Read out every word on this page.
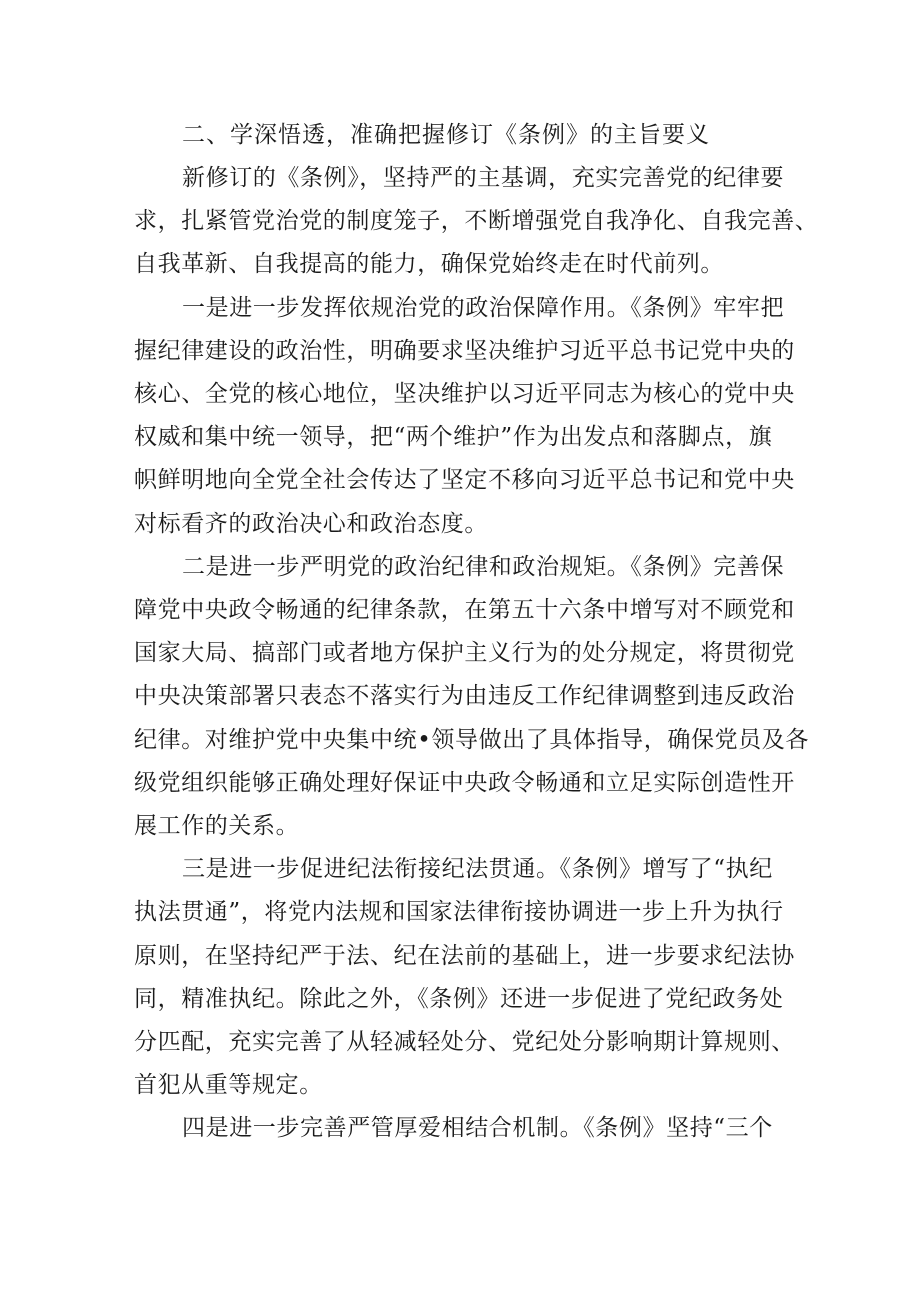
二、学深悟透，准确把握修订《条例》的主旨要义

新修订的《条例》，坚持严的主基调，充实完善党的纪律要
求，扎紧管党治党的制度笼子，不断增强党自我净化、自我完善、
自我革新、自我提高的能力，确保党始终走在时代前列。

一是进一步发挥依规治党的政治保障作用。《条例》牢牢把
握纪律建设的政治性，明确要求坚决维护习近平总书记党中央的
核心、全党的核心地位，坚决维护以习近平同志为核心的党中央
权威和集中统一领导，把“两个维护”作为出发点和落脚点，旗
帜鲜明地向全党全社会传达了坚定不移向习近平总书记和党中央
对标看齐的政治决心和政治态度。

二是进一步严明党的政治纪律和政治规矩。《条例》完善保
障党中央政令畅通的纪律条款，在第五十六条中增写对不顾党和
国家大局、搞部门或者地方保护主义行为的处分规定，将贯彻党
中央决策部署只表态不落实行为由违反工作纪律调整到违反政治
纪律。对维护党中央集中统•领导做出了具体指导，确保党员及各
级党组织能够正确处理好保证中央政令畅通和立足实际创造性开
展工作的关系。

三是进一步促进纪法衔接纪法贯通。《条例》增写了“执纪
执法贯通”，将党内法规和国家法律衔接协调进一步上升为执行
原则，在坚持纪严于法、纪在法前的基础上，进一步要求纪法协
同，精准执纪。除此之外，《条例》还进一步促进了党纪政务处
分匹配，充实完善了从轻减轻处分、党纪处分影响期计算规则、
首犯从重等规定。

四是进一步完善严管厚爱相结合机制。《条例》坚持“三个
